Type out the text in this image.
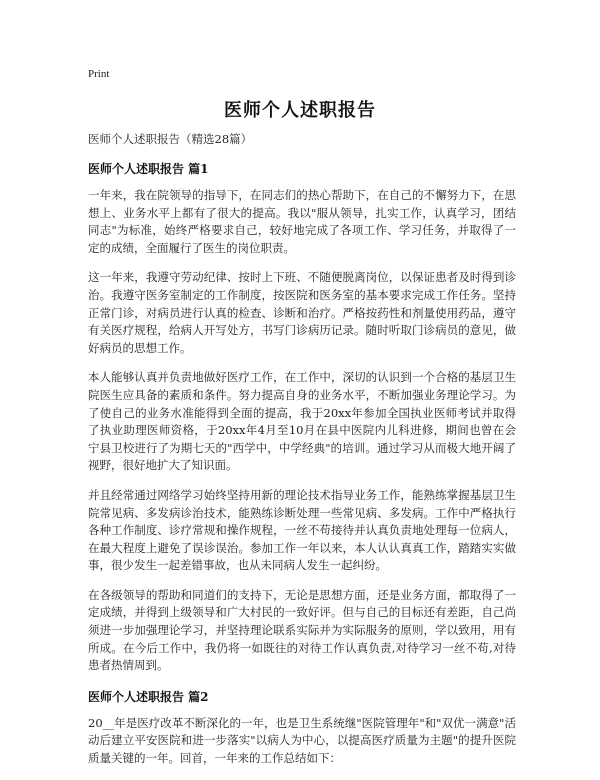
Print
医师个人述职报告

医师个人述职报告（精选28篇）

医师个人述职报告 篇1

一年来，我在院领导的指导下，在同志们的热心帮助下，在自己的不懈努力下，在思想上、业务水平上都有了很大的提高。我以"服从领导，扎实工作，认真学习，团结同志"为标准，始终严格要求自己，较好地完成了各项工作、学习任务，并取得了一定的成绩，全面履行了医生的岗位职责。

这一年来，我遵守劳动纪律、按时上下班、不随便脱离岗位，以保证患者及时得到诊治。我遵守医务室制定的工作制度，按医院和医务室的基本要求完成工作任务。坚持正常门诊，对病员进行认真的检查、诊断和治疗。严格按药性和剂量使用药品，遵守有关医疗规程，给病人开写处方，书写门诊病历记录。随时听取门诊病员的意见，做好病员的思想工作。

本人能够认真并负责地做好医疗工作，在工作中，深切的认识到一个合格的基层卫生院医生应具备的素质和条件。努力提高自身的业务水平，不断加强业务理论学习。为了使自己的业务水准能得到全面的提高，我于20xx年参加全国执业医师考试并取得了执业助理医师资格，于20xx年4月至10月在县中医院内儿科进修，期间也曾在会宁县卫校进行了为期七天的"西学中，中学经典"的培训。通过学习从而极大地开阔了视野，很好地扩大了知识面。

并且经常通过网络学习始终坚持用新的理论技术指导业务工作，能熟练掌握基层卫生院常见病、多发病诊治技术，能熟练诊断处理一些常见病、多发病。工作中严格执行各种工作制度、诊疗常规和操作规程，一丝不苟接待并认真负责地处理每一位病人，在最大程度上避免了误诊误治。参加工作一年以来，本人认认真真工作，踏踏实实做事，很少发生一起差错事故，也从未同病人发生一起纠纷。

在各级领导的帮助和同道们的支持下，无论是思想方面，还是业务方面，都取得了一定成绩，并得到上级领导和广大村民的一致好评。但与自己的目标还有差距，自己尚须进一步加强理论学习，并坚持理论联系实际并为实际服务的原则，学以致用，用有所成。在今后工作中，我仍将一如既往的对待工作认真负责,对待学习一丝不苟,对待患者热情周到。

医师个人述职报告 篇2

20__年是医疗改革不断深化的一年，也是卫生系统继"医院管理年"和"双优一满意"活动后建立平安医院和进一步落实"以病人为中心，以提高医疗质量为主题"的提升医院质量关键的一年。回首，一年来的工作总结如下：
